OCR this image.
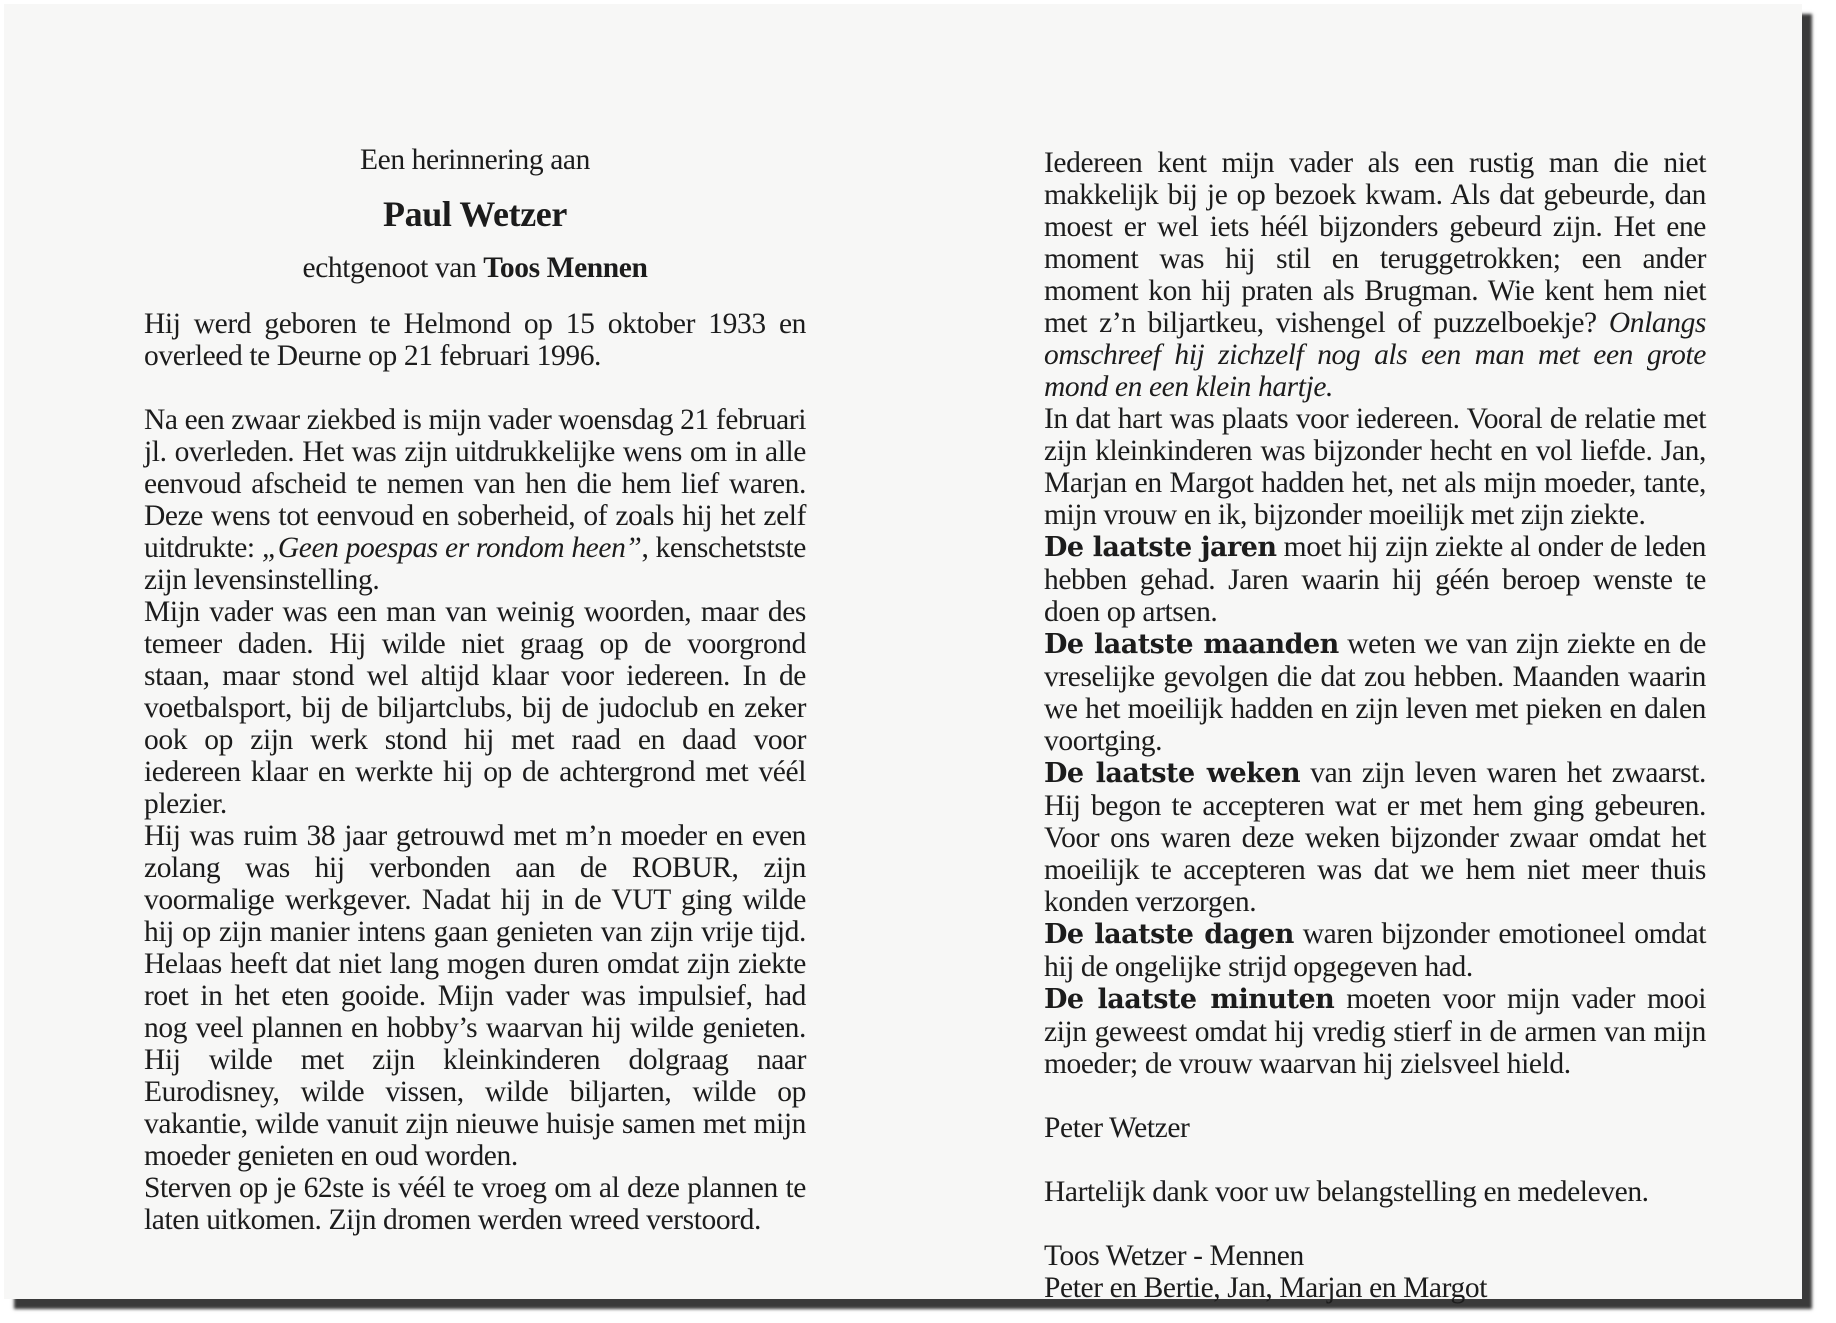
Een herinnering aan

Paul Wetzer

echtgenoot van Toos Mennen

Hij werd geboren te Helmond op 15 oktober 1933 en overleed te Deurne op 21 februari 1996.

Na een zwaar ziekbed is mijn vader woensdag 21 februari jl. overleden. Het was zijn uitdrukkelijke wens om in alle eenvoud afscheid te nemen van hen die hem lief waren. Deze wens tot eenvoud en soberheid, of zoals hij het zelf uitdrukte: „Geen poespas er rondom heen”, kenschetstste zijn levensinstelling.

Mijn vader was een man van weinig woorden, maar des temeer daden. Hij wilde niet graag op de voorgrond staan, maar stond wel altijd klaar voor iedereen. In de voetbalsport, bij de biljartclubs, bij de judoclub en zeker ook op zijn werk stond hij met raad en daad voor iedereen klaar en werkte hij op de achtergrond met véél plezier.

Hij was ruim 38 jaar getrouwd met m’n moeder en even zolang was hij verbonden aan de ROBUR, zijn voormalige werkgever. Nadat hij in de VUT ging wilde hij op zijn manier intens gaan genieten van zijn vrije tijd. Helaas heeft dat niet lang mogen duren omdat zijn ziekte roet in het eten gooide. Mijn vader was impulsief, had nog veel plannen en hobby’s waarvan hij wilde genieten. Hij wilde met zijn kleinkinderen dolgraag naar Eurodisney, wilde vissen, wilde biljarten, wilde op vakantie, wilde vanuit zijn nieuwe huisje samen met mijn moeder genieten en oud worden.

Sterven op je 62ste is véél te vroeg om al deze plannen te laten uitkomen. Zijn dromen werden wreed verstoord.

Iedereen kent mijn vader als een rustig man die niet makkelijk bij je op bezoek kwam. Als dat gebeurde, dan moest er wel iets héél bijzonders gebeurd zijn. Het ene moment was hij stil en teruggetrokken; een ander moment kon hij praten als Brugman. Wie kent hem niet met z’n biljartkeu, vishengel of puzzelboekje? Onlangs omschreef hij zichzelf nog als een man met een grote mond en een klein hartje.

In dat hart was plaats voor iedereen. Vooral de relatie met zijn kleinkinderen was bijzonder hecht en vol liefde. Jan, Marjan en Margot hadden het, net als mijn moeder, tante, mijn vrouw en ik, bijzonder moeilijk met zijn ziekte.

De laatste jaren moet hij zijn ziekte al onder de leden hebben gehad. Jaren waarin hij géén beroep wenste te doen op artsen.

De laatste maanden weten we van zijn ziekte en de vreselijke gevolgen die dat zou hebben. Maanden waarin we het moeilijk hadden en zijn leven met pieken en dalen voortging.

De laatste weken van zijn leven waren het zwaarst. Hij begon te accepteren wat er met hem ging gebeuren. Voor ons waren deze weken bijzonder zwaar omdat het moeilijk te accepteren was dat we hem niet meer thuis konden verzorgen.

De laatste dagen waren bijzonder emotioneel omdat hij de ongelijke strijd opgegeven had.

De laatste minuten moeten voor mijn vader mooi zijn geweest omdat hij vredig stierf in de armen van mijn moeder; de vrouw waarvan hij zielsveel hield.

Peter Wetzer

Hartelijk dank voor uw belangstelling en medeleven.

Toos Wetzer - Mennen

Peter en Bertie, Jan, Marjan en Margot
